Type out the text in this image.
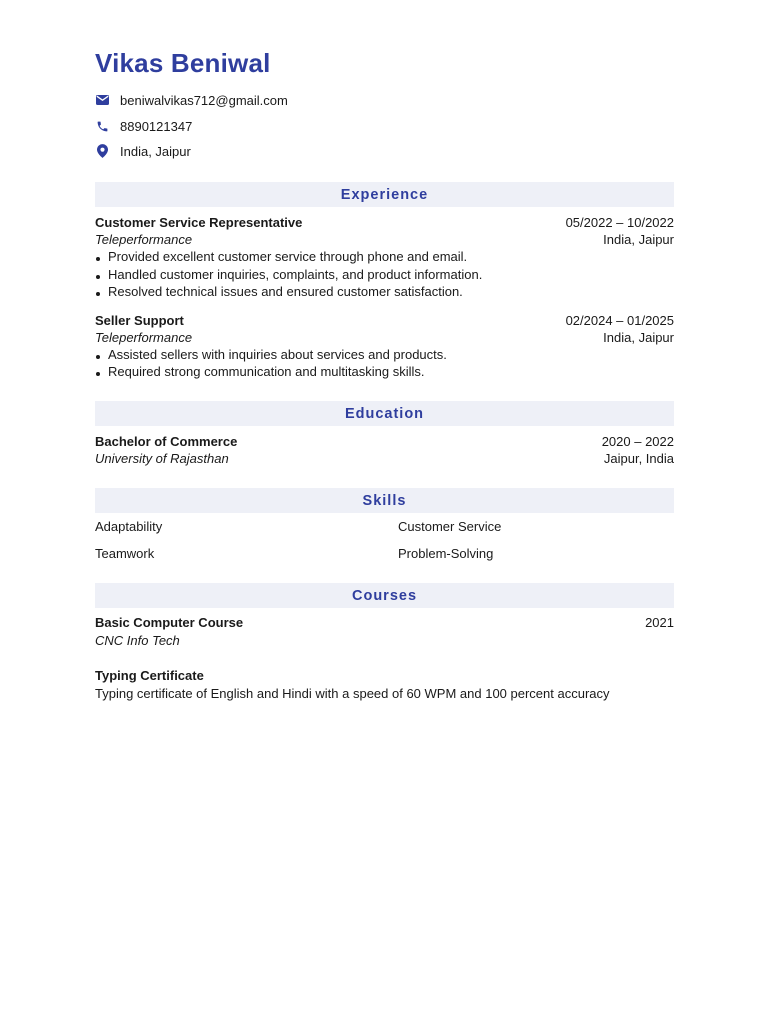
Vikas Beniwal
beniwalvikas712@gmail.com
8890121347
India, Jaipur
Experience
Customer Service Representative	05/2022 – 10/2022
Teleperformance	India, Jaipur
Provided excellent customer service through phone and email.
Handled customer inquiries, complaints, and product information.
Resolved technical issues and ensured customer satisfaction.
Seller Support	02/2024 – 01/2025
Teleperformance	India, Jaipur
Assisted sellers with inquiries about services and products.
Required strong communication and multitasking skills.
Education
Bachelor of Commerce	2020 – 2022
University of Rajasthan	Jaipur, India
Skills
Adaptability	Customer Service
Teamwork	Problem-Solving
Courses
Basic Computer Course	2021
CNC Info Tech
Typing Certificate
Typing certificate of English and Hindi with a speed of 60 WPM and 100 percent accuracy
